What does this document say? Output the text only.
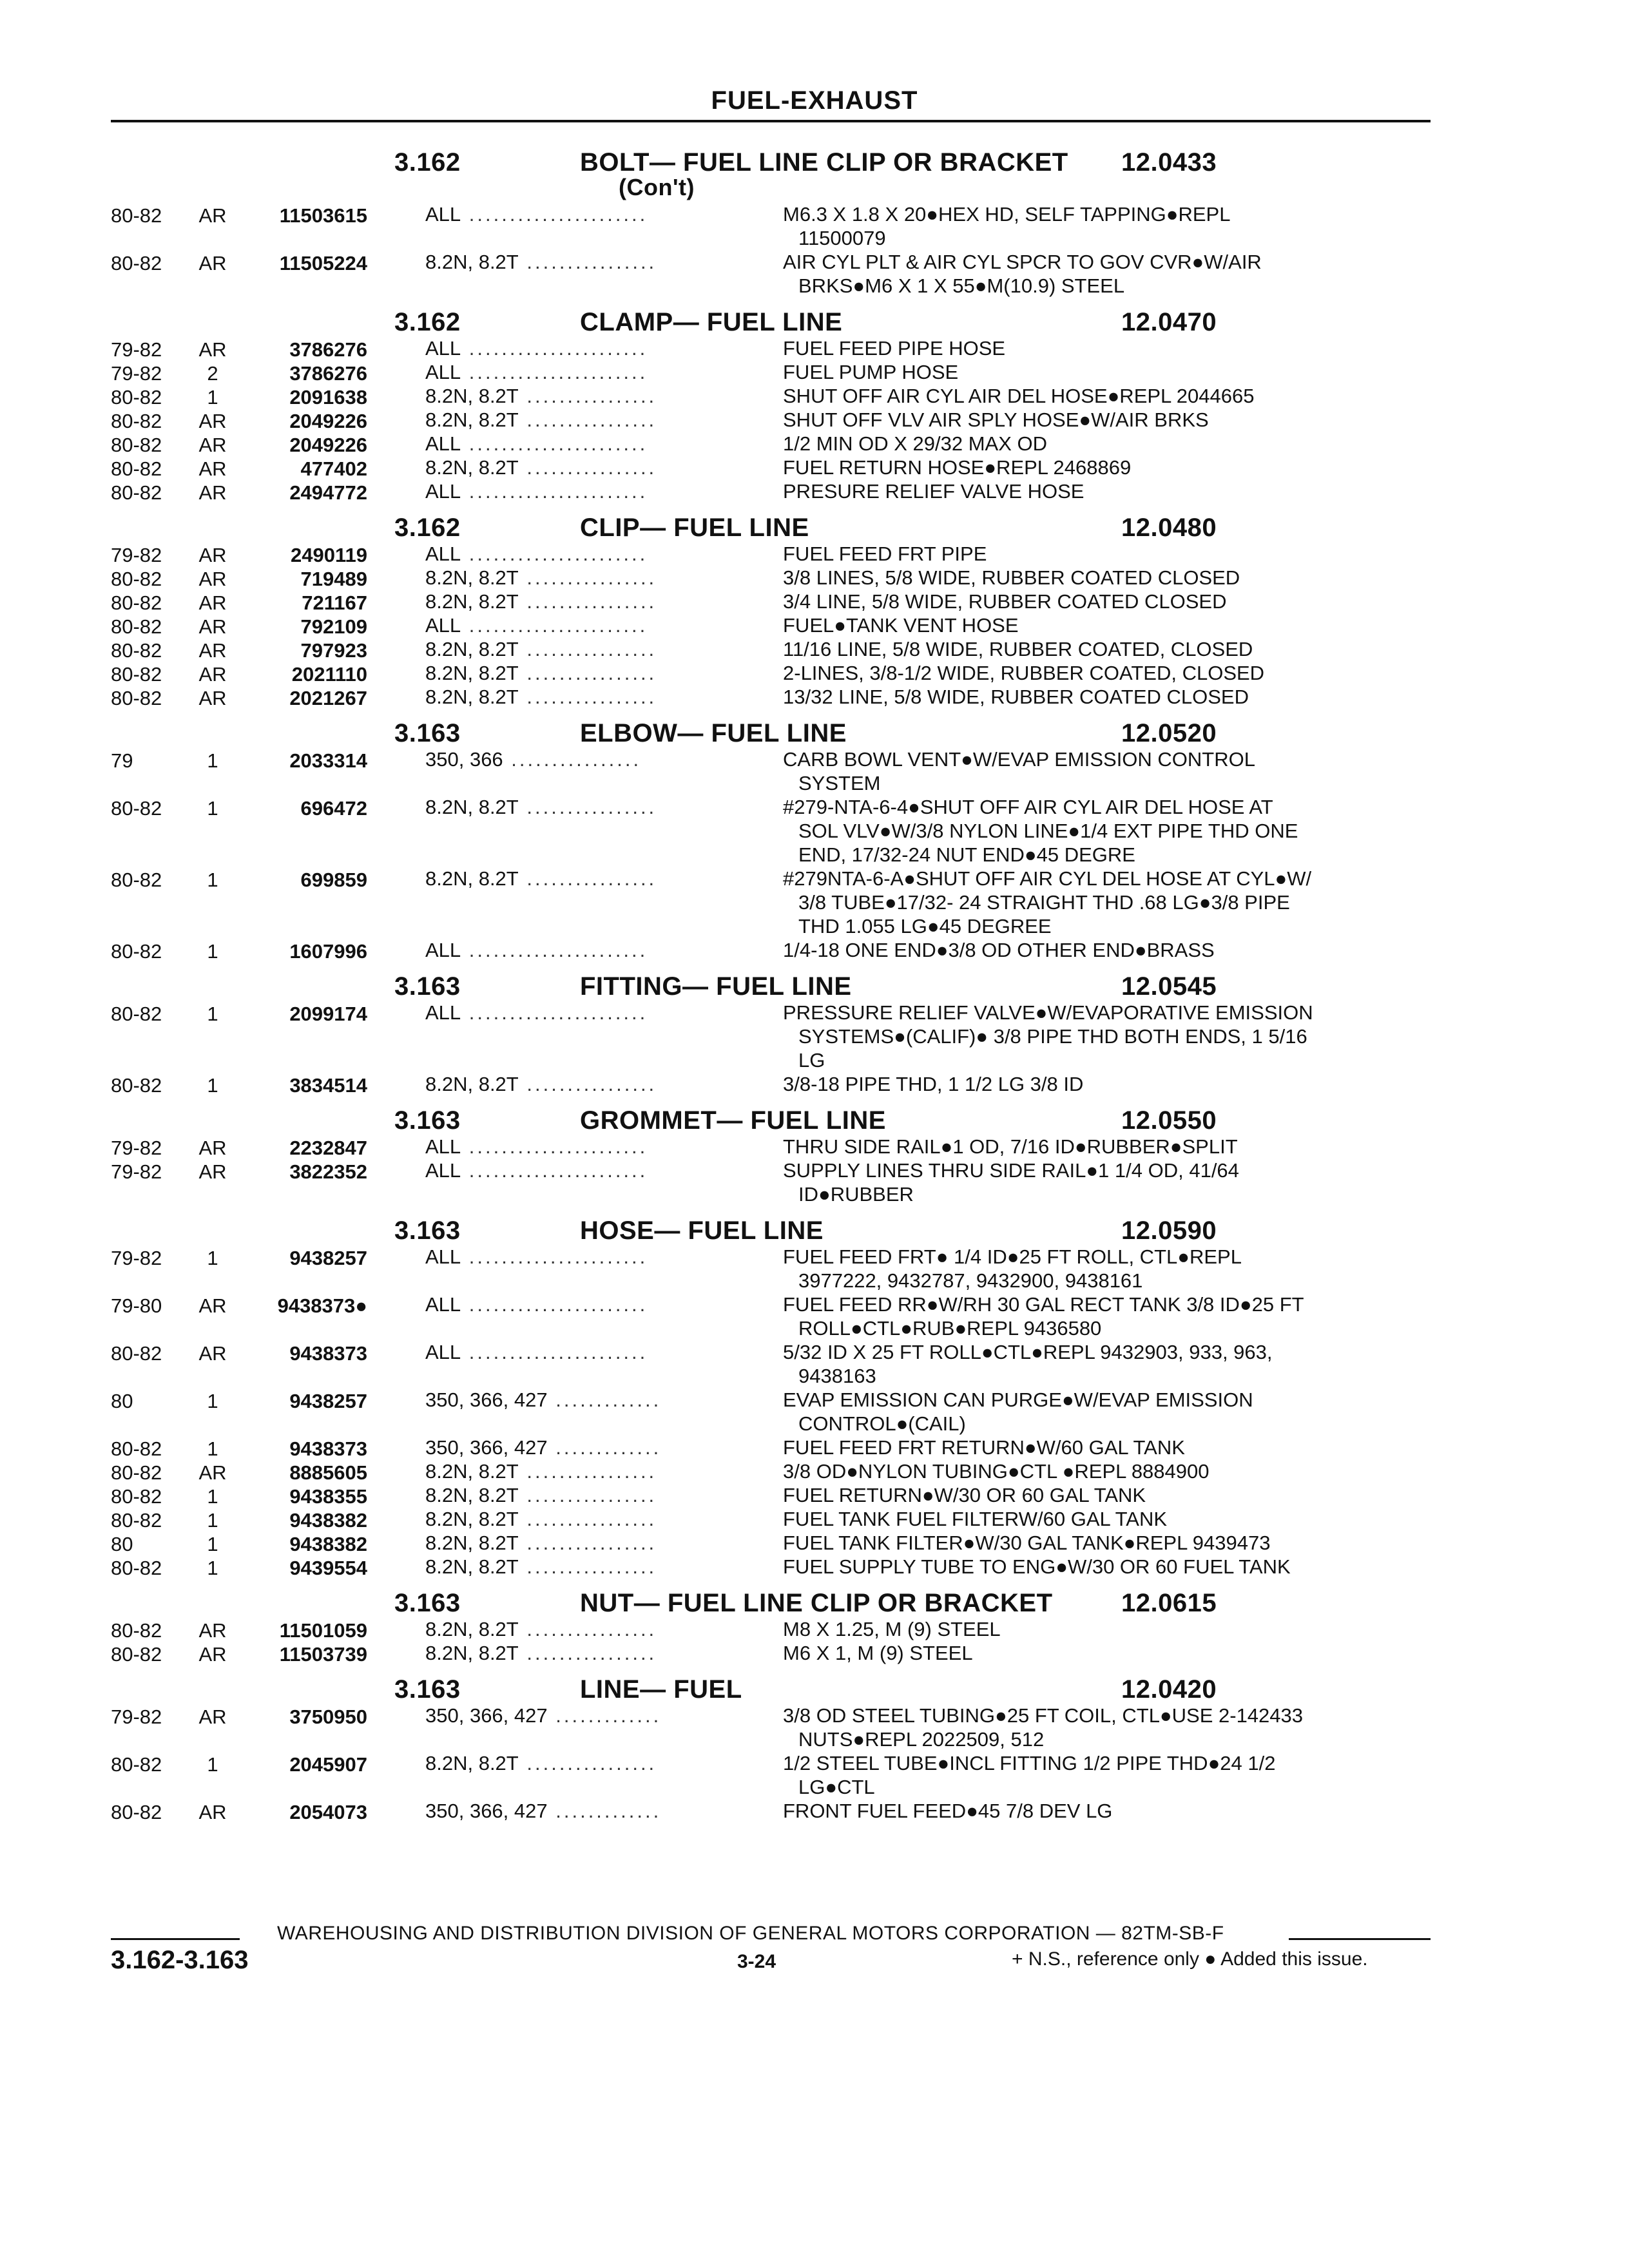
FUEL-EXHAUST
3.162	BOLT— FUEL LINE CLIP OR BRACKET
(Con't)
12.0433
80-82 AR	11503615	ALL ......................	M6.3 X 1.8 X 20●HEX HD, SELF TAPPING●REPL
11500079
80-82 AR	11505224	8.2N, 8.2T ................	AIR CYL PLT & AIR CYL SPCR TO GOV CVR●W/AIR
BRKS●M6 X 1 X 55●M(10.9) STEEL
3.162	CLAMP— FUEL LINE	12.0470
79-82 AR	3786276	ALL ......................	FUEL FEED PIPE HOSE
79-82	2	3786276	ALL ......................	FUEL PUMP HOSE
80-82	1	2091638	8.2N, 8.2T ................	SHUT OFF AIR CYL AIR DEL HOSE●REPL 2044665
80-82 AR	2049226	8.2N, 8.2T ................	SHUT OFF VLV AIR SPLY HOSE●W/AIR BRKS
80-82 AR	2049226	ALL ......................	1/2 MIN OD X 29/32 MAX OD
80-82 AR	477402	8.2N, 8.2T ................	FUEL RETURN HOSE●REPL 2468869
80-82 AR	2494772	ALL ......................	PRESURE RELIEF VALVE HOSE
3.162	CLIP— FUEL LINE	12.0480
79-82 AR	2490119	ALL ......................	FUEL FEED FRT PIPE
80-82 AR	719489	8.2N, 8.2T ................	3/8 LINES, 5/8 WIDE, RUBBER COATED CLOSED
80-82 AR	721167	8.2N, 8.2T ................	3/4 LINE, 5/8 WIDE, RUBBER COATED CLOSED
80-82 AR	792109	ALL ......................	FUEL●TANK VENT HOSE
80-82 AR	797923	8.2N, 8.2T ................	11/16 LINE, 5/8 WIDE, RUBBER COATED, CLOSED
80-82 AR	2021110	8.2N, 8.2T ................	2-LINES, 3/8-1/2 WIDE, RUBBER COATED, CLOSED
80-82 AR	2021267	8.2N, 8.2T ................	13/32 LINE, 5/8 WIDE, RUBBER COATED CLOSED
3.163	ELBOW— FUEL LINE	12.0520
79	1	2033314	350, 366 ................	CARB BOWL VENT●W/EVAP EMISSION CONTROL
SYSTEM
80-82	1	696472	8.2N, 8.2T ................	#279-NTA-6-4●SHUT OFF AIR CYL AIR DEL HOSE AT
SOL VLV●W/3/8 NYLON LINE●1/4 EXT PIPE THD ONE
END, 17/32-24 NUT END●45 DEGRE
80-82	1	699859	8.2N, 8.2T ................	#279NTA-6-A●SHUT OFF AIR CYL DEL HOSE AT CYL●W/
3/8 TUBE●17/32- 24 STRAIGHT THD .68 LG●3/8 PIPE
THD 1.055 LG●45 DEGREE
80-82	1	1607996	ALL ......................	1/4-18 ONE END●3/8 OD OTHER END●BRASS
3.163	FITTING— FUEL LINE	12.0545
80-82	1	2099174	ALL ......................	PRESSURE RELIEF VALVE●W/EVAPORATIVE EMISSION
SYSTEMS●(CALIF)● 3/8 PIPE THD BOTH ENDS, 1 5/16
LG
80-82	1	3834514	8.2N, 8.2T ................	3/8-18 PIPE THD, 1 1/2 LG 3/8 ID
3.163	GROMMET— FUEL LINE	12.0550
79-82 AR	2232847	ALL ......................	THRU SIDE RAIL●1 OD, 7/16 ID●RUBBER●SPLIT
79-82 AR	3822352	ALL ......................	SUPPLY LINES THRU SIDE RAIL●1 1/4 OD, 41/64
ID●RUBBER
3.163	HOSE— FUEL LINE	12.0590
79-82	1	9438257	ALL ......................	FUEL FEED FRT● 1/4 ID●25 FT ROLL, CTL●REPL
3977222, 9432787, 9432900, 9438161
79-80 AR	9438373●	ALL ......................	FUEL FEED RR●W/RH 30 GAL RECT TANK 3/8 ID●25 FT
ROLL●CTL●RUB●REPL 9436580
80-82 AR	9438373	ALL ......................	5/32 ID X 25 FT ROLL●CTL●REPL 9432903, 933, 963,
9438163
80	1	9438257	350, 366, 427 .............	EVAP EMISSION CAN PURGE●W/EVAP EMISSION
CONTROL●(CAIL)
80-82	1	9438373	350, 366, 427 .............	FUEL FEED FRT RETURN●W/60 GAL TANK
80-82 AR	8885605	8.2N, 8.2T ................	3/8 OD●NYLON TUBING●CTL ●REPL 8884900
80-82	1	9438355	8.2N, 8.2T ................	FUEL RETURN●W/30 OR 60 GAL TANK
80-82	1	9438382	8.2N, 8.2T ................	FUEL TANK FUEL FILTERW/60 GAL TANK
80	1	9438382	8.2N, 8.2T ................	FUEL TANK FILTER●W/30 GAL TANK●REPL 9439473
80-82	1	9439554	8.2N, 8.2T ................	FUEL SUPPLY TUBE TO ENG●W/30 OR 60 FUEL TANK
3.163	NUT— FUEL LINE CLIP OR BRACKET	12.0615
80-82 AR	11501059	8.2N, 8.2T ................	M8 X 1.25, M (9) STEEL
80-82 AR	11503739	8.2N, 8.2T ................	M6 X 1, M (9) STEEL
3.163	LINE— FUEL	12.0420
79-82 AR	3750950	350, 366, 427 .............	3/8 OD STEEL TUBING●25 FT COIL, CTL●USE 2-142433
NUTS●REPL 2022509, 512
80-82	1	2045907	8.2N, 8.2T ................	1/2 STEEL TUBE●INCL FITTING 1/2 PIPE THD●24 1/2
LG●CTL
80-82 AR	2054073	350, 366, 427 .............	FRONT FUEL FEED●45 7/8 DEV LG
WAREHOUSING AND DISTRIBUTION DIVISION OF GENERAL MOTORS CORPORATION — 82TM-SB-F
3.162-3.163	3-24	+ N.S., reference only ● Added this issue.
